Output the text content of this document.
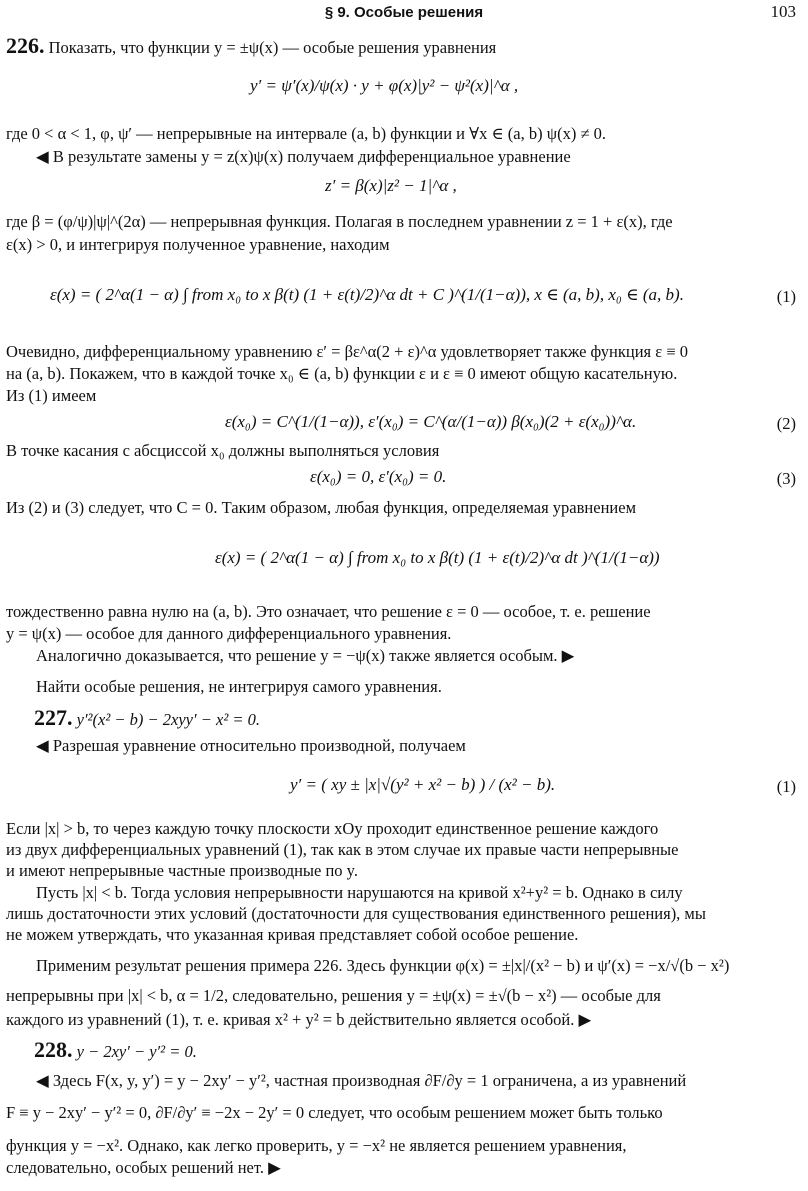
§ 9. Особые решения	103
226. Показать, что функции y = ±ψ(x) — особые решения уравнения
y′ = ψ′(x)/ψ(x) · y + φ(x)|y² − ψ²(x)|^α ,
где 0 < α < 1, φ, ψ′ — непрерывные на интервале (a, b) функции и ∀x ∈ (a, b) ψ(x) ≠ 0.
◀ В результате замены y = z(x)ψ(x) получаем дифференциальное уравнение
z′ = β(x)|z² − 1|^α ,
где β = (φ/ψ)|ψ|^(2α) — непрерывная функция. Полагая в последнем уравнении z = 1 + ε(x), где
ε(x) > 0, и интегрируя полученное уравнение, находим
ε(x) = ( 2^α(1 − α) ∫ from x₀ to x β(t) (1 + ε(t)/2)^α dt + C )^(1/(1−α)), x ∈ (a, b), x₀ ∈ (a, b).	(1)
Очевидно, дифференциальному уравнению ε′ = βε^α(2 + ε)^α удовлетворяет также функция ε ≡ 0
на (a, b). Покажем, что в каждой точке x₀ ∈ (a, b) функции ε и ε ≡ 0 имеют общую касательную.
Из (1) имеем
ε(x₀) = C^(1/(1−α)), ε′(x₀) = C^(α/(1−α)) β(x₀)(2 + ε(x₀))^α.	(2)
В точке касания с абсциссой x₀ должны выполняться условия
ε(x₀) = 0, ε′(x₀) = 0.	(3)
Из (2) и (3) следует, что C = 0. Таким образом, любая функция, определяемая уравнением
ε(x) = ( 2^α(1 − α) ∫ from x₀ to x β(t) (1 + ε(t)/2)^α dt )^(1/(1−α))
тождественно равна нулю на (a, b). Это означает, что решение ε = 0 — особое, т. е. решение
y = ψ(x) — особое для данного дифференциального уравнения.
Аналогично доказывается, что решение y = −ψ(x) также является особым. ▶
Найти особые решения, не интегрируя самого уравнения.
227. y′²(x² − b) − 2xyy′ − x² = 0.
◀ Разрешая уравнение относительно производной, получаем
y′ = ( xy ± |x|√(y² + x² − b) ) / (x² − b).	(1)
Если |x| > b, то через каждую точку плоскости xOy проходит единственное решение каждого
из двух дифференциальных уравнений (1), так как в этом случае их правые части непрерывные
и имеют непрерывные частные производные по y.
Пусть |x| < b. Тогда условия непрерывности нарушаются на кривой x²+y² = b. Однако в силу
лишь достаточности этих условий (достаточности для существования единственного решения), мы
не можем утверждать, что указанная кривая представляет собой особое решение.
Применим результат решения примера 226. Здесь функции φ(x) = ±|x|/(x² − b) и ψ′(x) = −x/√(b − x²)
непрерывны при |x| < b, α = 1/2, следовательно, решения y = ±ψ(x) = ±√(b − x²) — особые для
каждого из уравнений (1), т. е. кривая x² + y² = b действительно является особой. ▶
228. y − 2xy′ − y′² = 0.
◀ Здесь F(x, y, y′) = y − 2xy′ − y′², частная производная ∂F/∂y = 1 ограничена, а из уравнений
F ≡ y − 2xy′ − y′² = 0, ∂F/∂y′ ≡ −2x − 2y′ = 0 следует, что особым решением может быть только
функция y = −x². Однако, как легко проверить, y = −x² не является решением уравнения,
следовательно, особых решений нет. ▶
